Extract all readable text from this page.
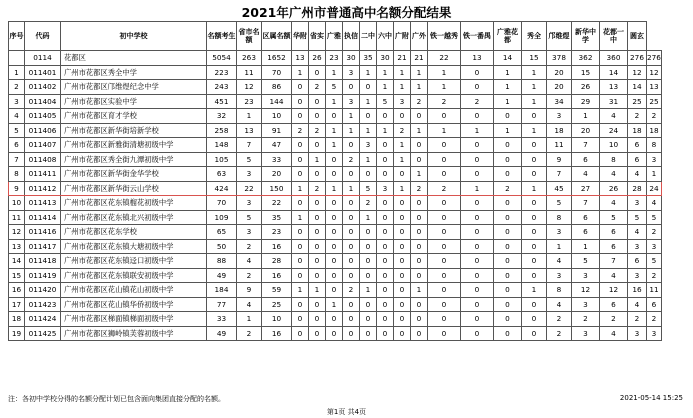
2021年广州市普通高中名额分配结果
序号	代码	初中学校	名额考生	省市名额	区属名额	华附	省实	广雅	执信	二中	六中	广附	广外	铁一越秀	铁一番禺	广雅花都	秀全	邝维煜	新华中学	花都一中	圆玄	
	0114	花都区	5054	263	1652	13	26	23	30	35	30	21	21	22	13	14	15	378	362	360	276	276
1	011401	广州市花都区秀全中学	223	11	70	1	0	1	3	1	1	1	1	1	0	1	1	20	15	14	12	12
2	011402	广州市花都区邝维煜纪念中学	243	12	86	0	2	5	0	0	1	1	1	1	0	1	1	20	26	13	14	13
3	011404	广州市花都区实验中学	451	23	144	0	0	1	3	1	5	3	2	2	2	1	1	34	29	31	25	25
4	011405	广州市花都区育才学校	32	1	10	0	0	0	1	0	0	0	0	0	0	0	0	3	1	4	2	2
5	011406	广州市花都区新华街培新学校	258	13	91	2	2	1	1	1	1	2	1	1	1	1	1	18	20	24	18	18
6	011407	广州市花都区新雅街清塘初级中学	148	7	47	0	0	1	0	3	0	1	0	0	0	0	0	11	7	10	6	8
7	011408	广州市花都区秀全街九潭初级中学	105	5	33	0	1	0	2	1	0	1	0	0	0	0	0	9	6	8	6	3
8	011411	广州市花都区新华街金华学校	63	3	20	0	0	0	0	0	0	0	1	0	0	0	0	7	4	4	4	1
9	011412	广州市花都区新华街云山学校	424	22	150	1	2	1	1	5	3	1	2	2	1	2	1	45	27	26	28	24
10	011413	广州市花都区花东镇榴花初级中学	70	3	22	0	0	0	0	2	0	0	0	0	0	0	0	5	7	4	3	4
11	011414	广州市花都区花东镇北兴初级中学	109	5	35	1	0	0	0	1	0	0	0	0	0	0	0	8	6	5	5	5
12	011416	广州市花都区花东学校	65	3	23	0	0	0	0	0	0	0	0	0	0	0	0	3	6	6	4	2
13	011417	广州市花都区花东镇大塘初级中学	50	2	16	0	0	0	0	0	0	0	0	0	0	0	0	1	1	6	3	3
14	011418	广州市花都区花东镇迳口初级中学	88	4	28	0	0	0	0	0	0	0	0	0	0	0	0	4	5	7	6	5
15	011419	广州市花都区花东镇联安初级中学	49	2	16	0	0	0	0	0	0	0	0	0	0	0	0	3	3	4	3	2
16	011420	广州市花都区花山镇花山初级中学	184	9	59	1	1	0	2	1	0	0	1	0	0	0	1	8	12	12	16	11
17	011423	广州市花都区花山镇华侨初级中学	77	4	25	0	0	1	0	0	0	0	0	0	0	0	0	4	3	6	4	6
18	011424	广州市花都区梯面镇梯面初级中学	33	1	10	0	0	0	0	0	0	0	0	0	0	0	0	2	2	2	2	2
19	011425	广州市花都区狮岭镇芙蓉初级中学	49	2	16	0	0	0	0	0	0	0	0	0	0	0	0	2	3	4	3	3
注：各初中学校分得的名额分配计划已包含面向集团直接分配的名额。	2021-05-14 15:25
第1页 共4页
